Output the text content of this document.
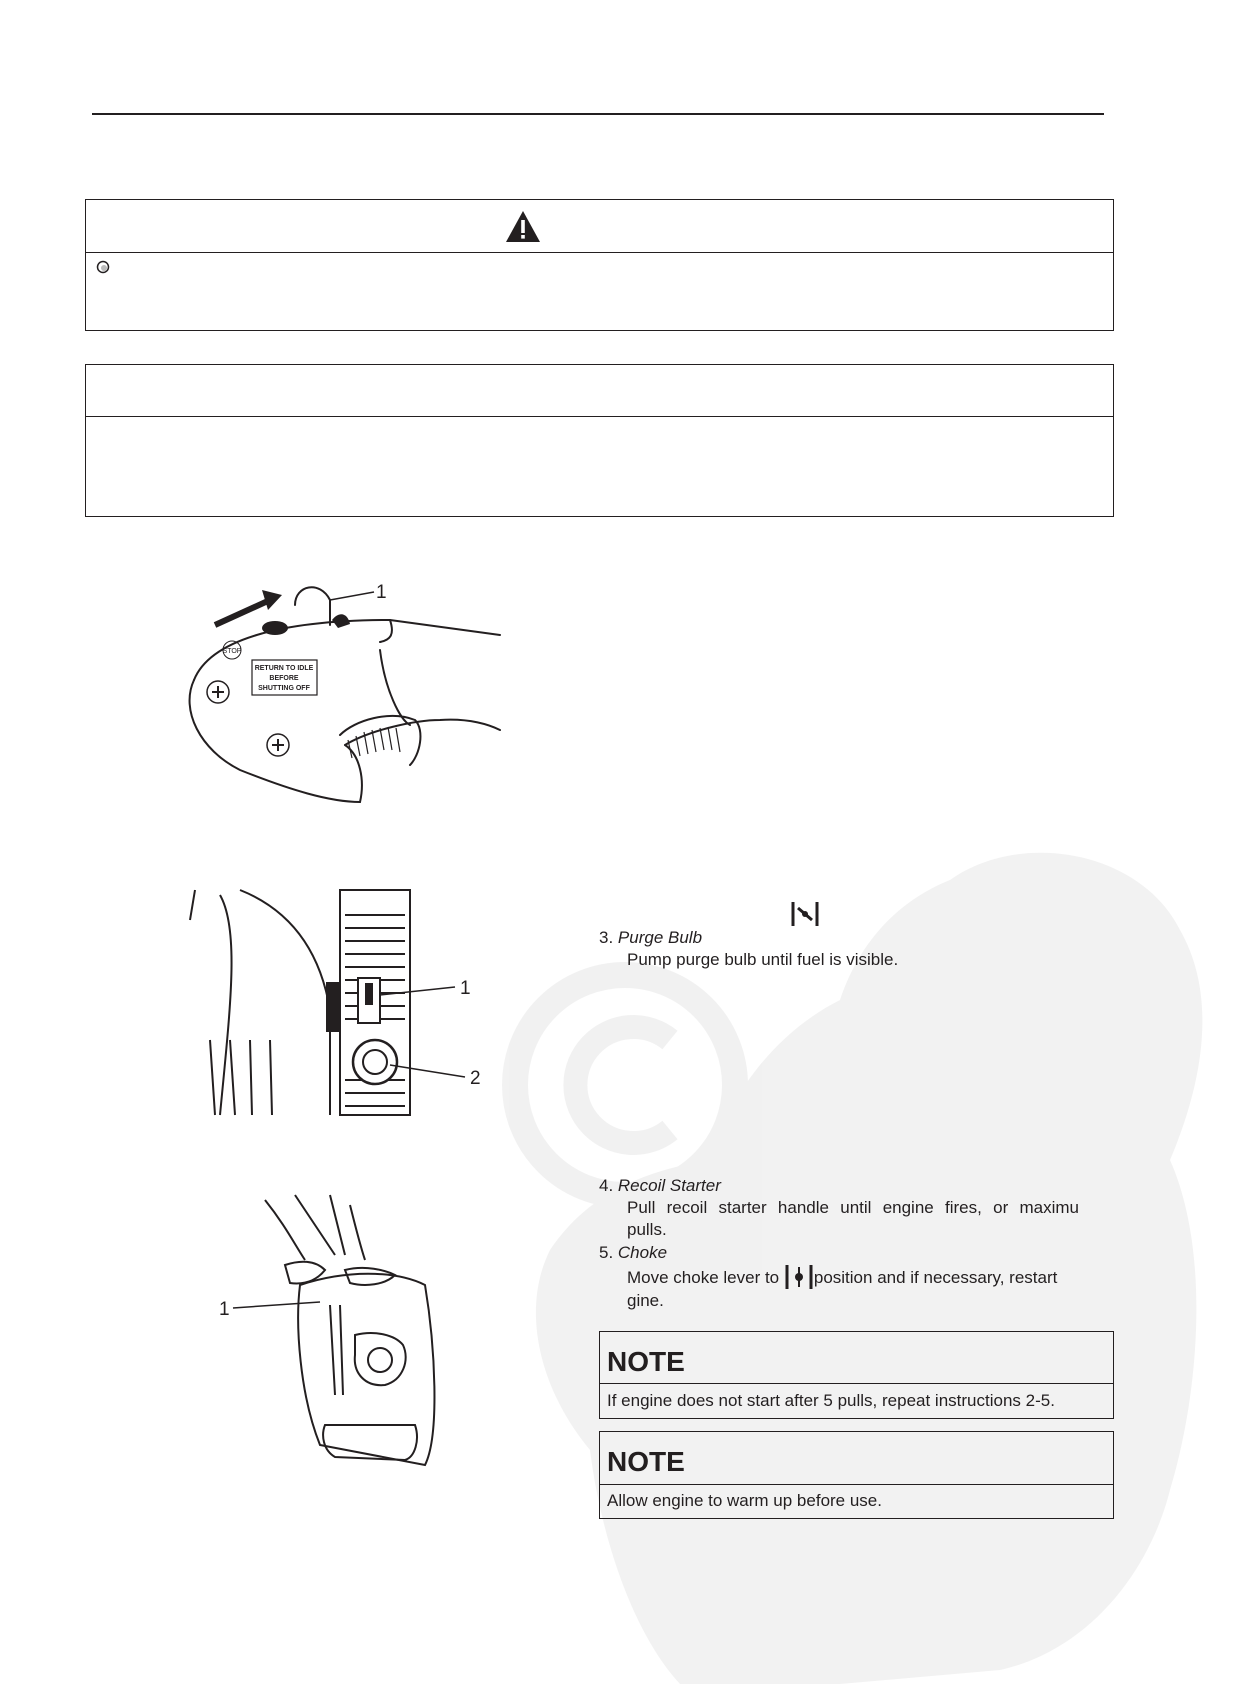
1
STOP
RETURN TO IDLE
BEFORE
SHUTTING OFF
1
2
1
3. Purge Bulb
Pump purge bulb until fuel is visible.
4. Recoil Starter
Pull recoil starter handle until engine fires, or maximu
pulls.
5. Choke
Move choke lever to position and if necessary, restart
gine.
NOTE
If engine does not start after 5 pulls, repeat instructions 2-5.
NOTE
Allow engine to warm up before use.
